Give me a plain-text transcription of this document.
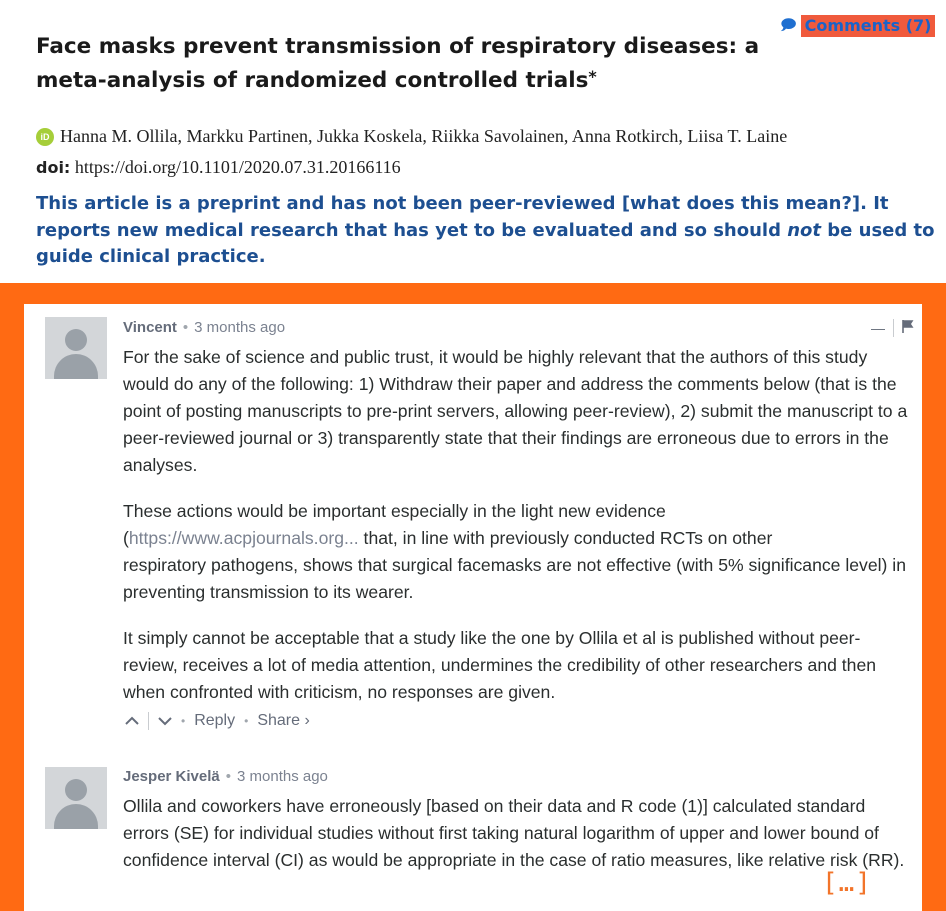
🗩 Comments (7)
Face masks prevent transmission of respiratory diseases: a
meta-analysis of randomized controlled trials*
iD Hanna M. Ollila, Markku Partinen, Jukka Koskela, Riikka Savolainen, Anna Rotkirch, Liisa T. Laine
doi: https://doi.org/10.1101/2020.07.31.20166116
This article is a preprint and has not been peer-reviewed [what does this mean?]. It reports new medical research that has yet to be evaluated and so should not be used to guide clinical practice.
Vincent • 3 months ago	—

For the sake of science and public trust, it would be highly relevant that the authors of this study would do any of the following: 1) Withdraw their paper and address the comments below (that is the point of posting manuscripts to pre-print servers, allowing peer-review), 2) submit the manuscript to a peer-reviewed journal or 3) transparently state that their findings are erroneous due to errors in the analyses.

These actions would be important especially in the light new evidence
(https://www.acpjournals.org... that, in line with previously conducted RCTs on other
respiratory pathogens, shows that surgical facemasks are not effective (with 5% significance level) in preventing transmission to its wearer.

It simply cannot be acceptable that a study like the one by Ollila et al is published without peer-review, receives a lot of media attention, undermines the credibility of other researchers and then when confronted with criticism, no responses are given.

• Reply • Share ›
Jesper Kivelä • 3 months ago

Ollila and coworkers have erroneously [based on their data and R code (1)] calculated standard errors (SE) for individual studies without first taking natural logarithm of upper and lower bound of confidence interval (CI) as would be appropriate in the case of ratio measures, like relative risk (RR).

[…]
